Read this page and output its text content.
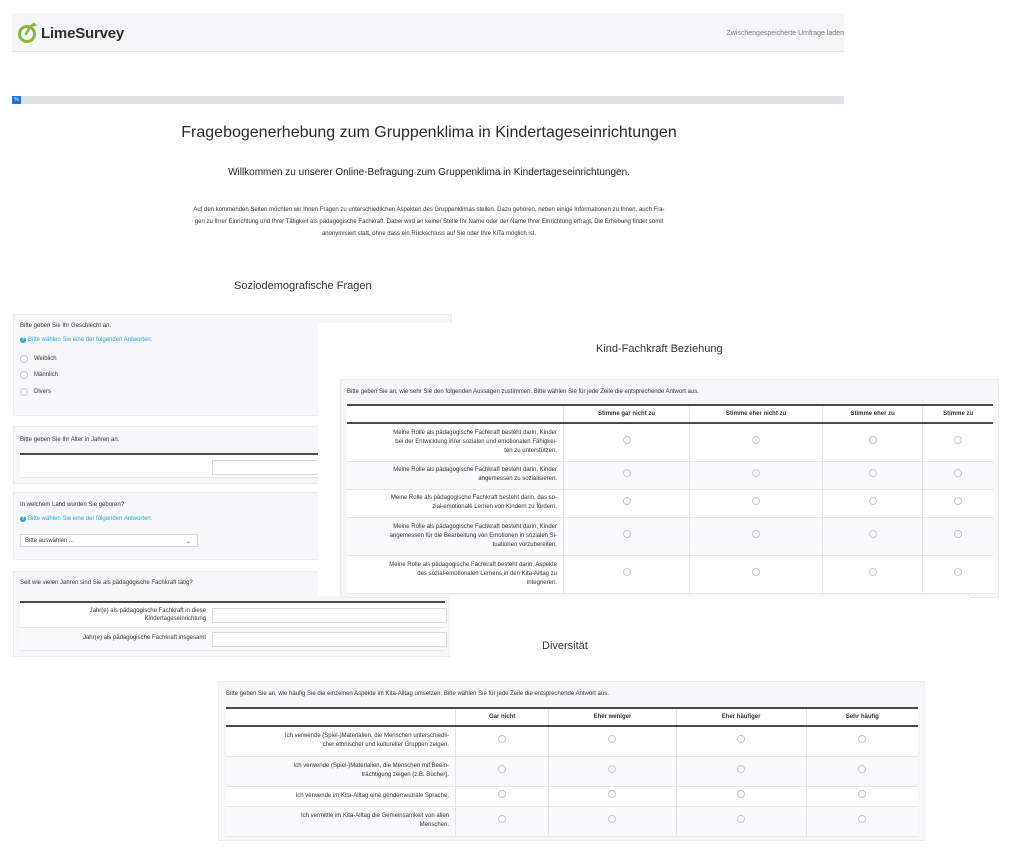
LimeSurvey	Zwischengespeicherte Umfrage laden
%
Fragebogenerhebung zum Gruppenklima in Kindertageseinrichtungen
Willkommen zu unserer Online-Befragung zum Gruppenklima in Kindertageseinrichtungen.
Auf den kommenden Seiten möchten wir Ihnen Fragen zu unterschiedlichen Aspekten des Gruppenklimas stellen. Dazu gehören, neben einige Informationen zu Ihnen, auch Fra-
gen zu Ihrer Einrichtung und Ihrer Tätigkeit als pädagogische Fachkraft. Dabei wird an keiner Stelle Ihr Name oder der Name Ihrer Einrichtung erfragt. Die Erhebung findet somit
anonymisiert statt, ohne dass ein Rückschluss auf Sie oder Ihre KiTa möglich ist.
Soziodemografische Fragen
Bitte geben Sie Ihr Geschlecht an.
? Bitte wählen Sie eine der folgenden Antworten:
Weiblich
Männlich
Divers
Bitte geben Sie Ihr Alter in Jahren an.
In welchem Land wurden Sie geboren?
? Bitte wählen Sie eine der folgenden Antworten:
Bitte auswählen ...	⌄
Seit wie vielen Jahren sind Sie als pädagogische Fachkraft tätig?
Jahr(e) als pädagogische Fachkraft in diese
Kindertageseinrichtung
Jahr(e) als pädagogische Fachkraft insgesamt
Kind-Fachkraft Beziehung
Bitte geben Sie an, wie sehr Sie den folgenden Aussagen zustimmen. Bitte wählen Sie für jede Zeile die entsprechende Antwort aus.
	Stimme gar nicht zu	Stimme eher nicht zu	Stimme eher zu	Stimme zu

Meine Rolle als pädagogische Fachkraft besteht darin, Kinder
bei der Entwicklung ihrer sozialen und emotionalen Fähigkei-
ten zu unterstützen.				

Meine Rolle als pädagogische Fachkraft besteht darin, Kinder
angemessen zu sozialisieren.				

Meine Rolle als pädagogische Fachkraft besteht darin, das so-
zial-emotionale Lernen von Kindern zu fördern.				

Meine Rolle als pädagogische Fachkraft besteht darin, Kinder
angemessen für die Bearbeitung von Emotionen in sozialen Si-
tuationen vorzubereiten.				

Meine Rolle als pädagogische Fachkraft besteht darin, Aspekte
des sozial-emotionalen Lernens in den Kita-Alltag zu
integrieren.				

Diversität
Bitte geben Sie an, wie häufig Sie die einzelnen Aspekte im Kita-Alltag umsetzen. Bitte wählen Sie für jede Zeile die entsprechende Antwort aus.
	Gar nicht	Eher weniger	Eher häufiger	Sehr häufig

Ich verwende (Spiel-)Materialien, die Menschen unterschiedli-
cher ethnischer und kultureller Gruppen zeigen.				

Ich verwende (Spiel-)Materialien, die Menschen mit Beein-
trächtigung zeigen (z.B. Bücher).				

Ich verwende im Kita-Alltag eine genderneutrale Sprache.				

Ich vermittle im Kita-Alltag die Gemeinsamkeit von allen
Menschen.				
